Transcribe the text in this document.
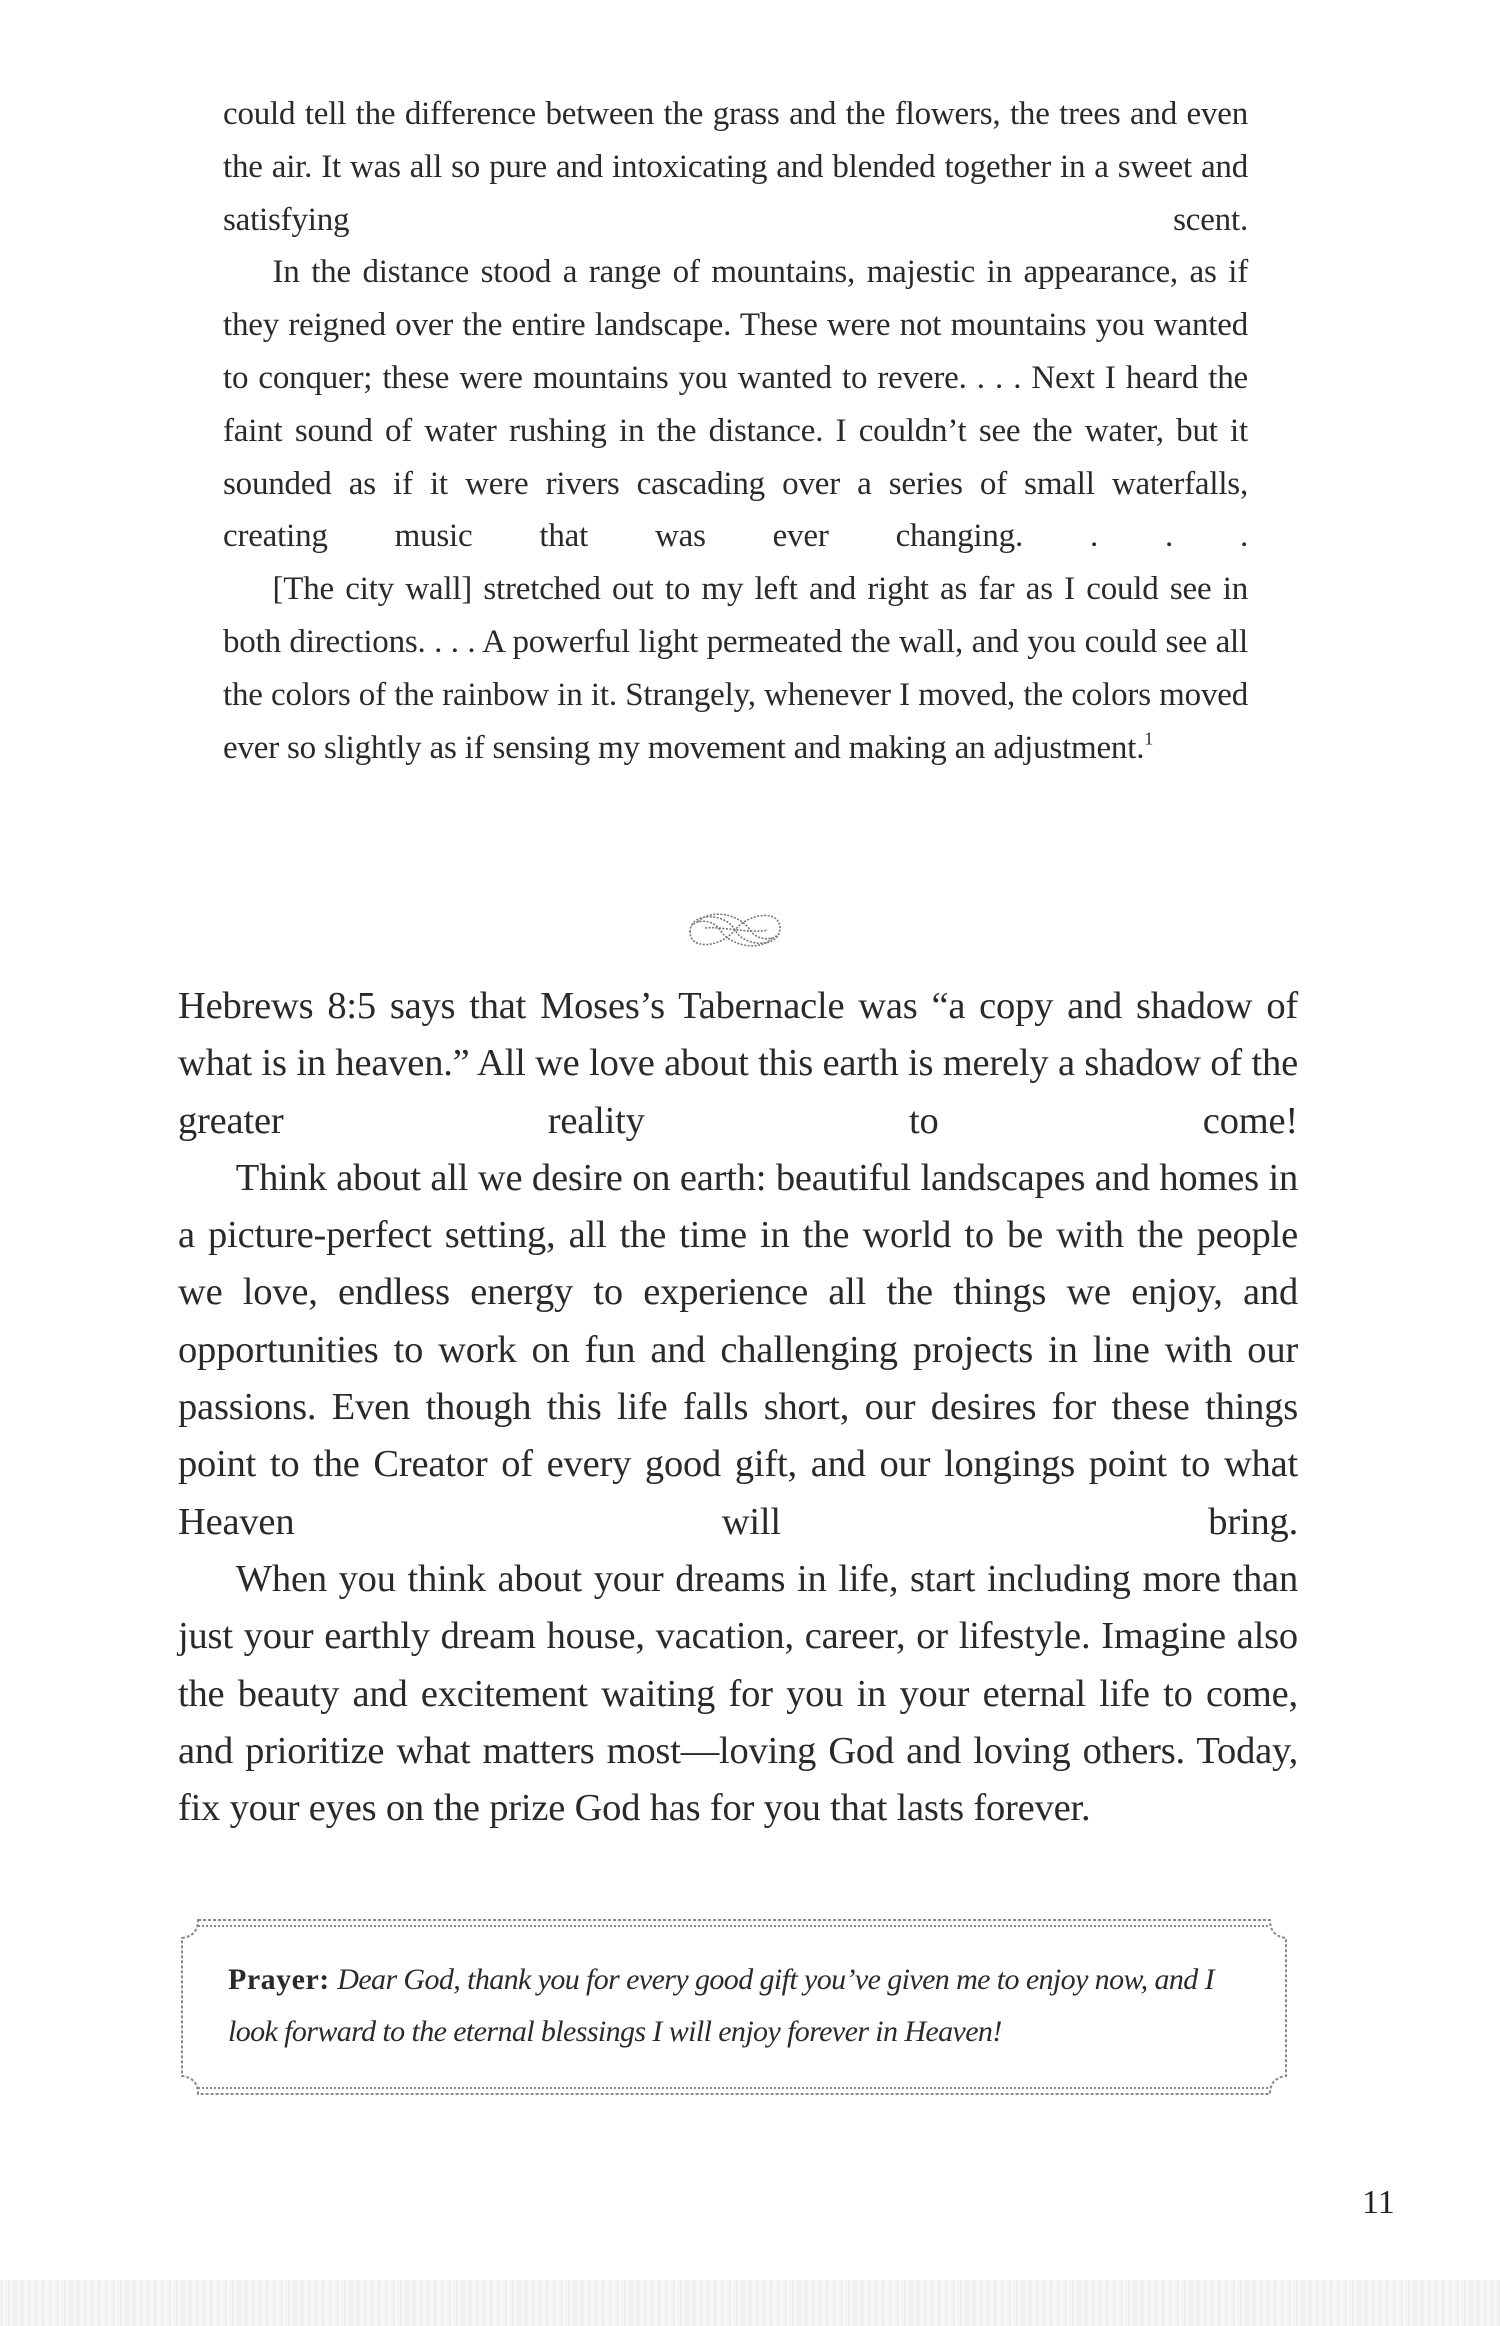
could tell the difference between the grass and the flowers, the trees and even the air. It was all so pure and intoxicating and blended together in a sweet and satisfying scent.

In the distance stood a range of mountains, majestic in appearance, as if they reigned over the entire landscape. These were not mountains you wanted to conquer; these were mountains you wanted to revere. . . . Next I heard the faint sound of water rushing in the distance. I couldn’t see the water, but it sounded as if it were rivers cascading over a series of small waterfalls, creating music that was ever changing. . . .

[The city wall] stretched out to my left and right as far as I could see in both directions. . . . A powerful light permeated the wall, and you could see all the colors of the rainbow in it. Strangely, whenever I moved, the colors moved ever so slightly as if sensing my movement and making an adjustment.$^1$

Hebrews 8:5 says that Moses’s Tabernacle was “a copy and shadow of what is in heaven.” All we love about this earth is merely a shadow of the greater reality to come!

Think about all we desire on earth: beautiful landscapes and homes in a picture-perfect setting, all the time in the world to be with the people we love, endless energy to experience all the things we enjoy, and opportunities to work on fun and challenging projects in line with our passions. Even though this life falls short, our desires for these things point to the Creator of every good gift, and our longings point to what Heaven will bring.

When you think about your dreams in life, start including more than just your earthly dream house, vacation, career, or lifestyle. Imagine also the beauty and excitement waiting for you in your eternal life to come, and prioritize what matters most—loving God and loving others. Today, fix your eyes on the prize God has for you that lasts forever.

Prayer: Dear God, thank you for every good gift you’ve given me to enjoy now, and I look forward to the eternal blessings I will enjoy forever in Heaven!
11
